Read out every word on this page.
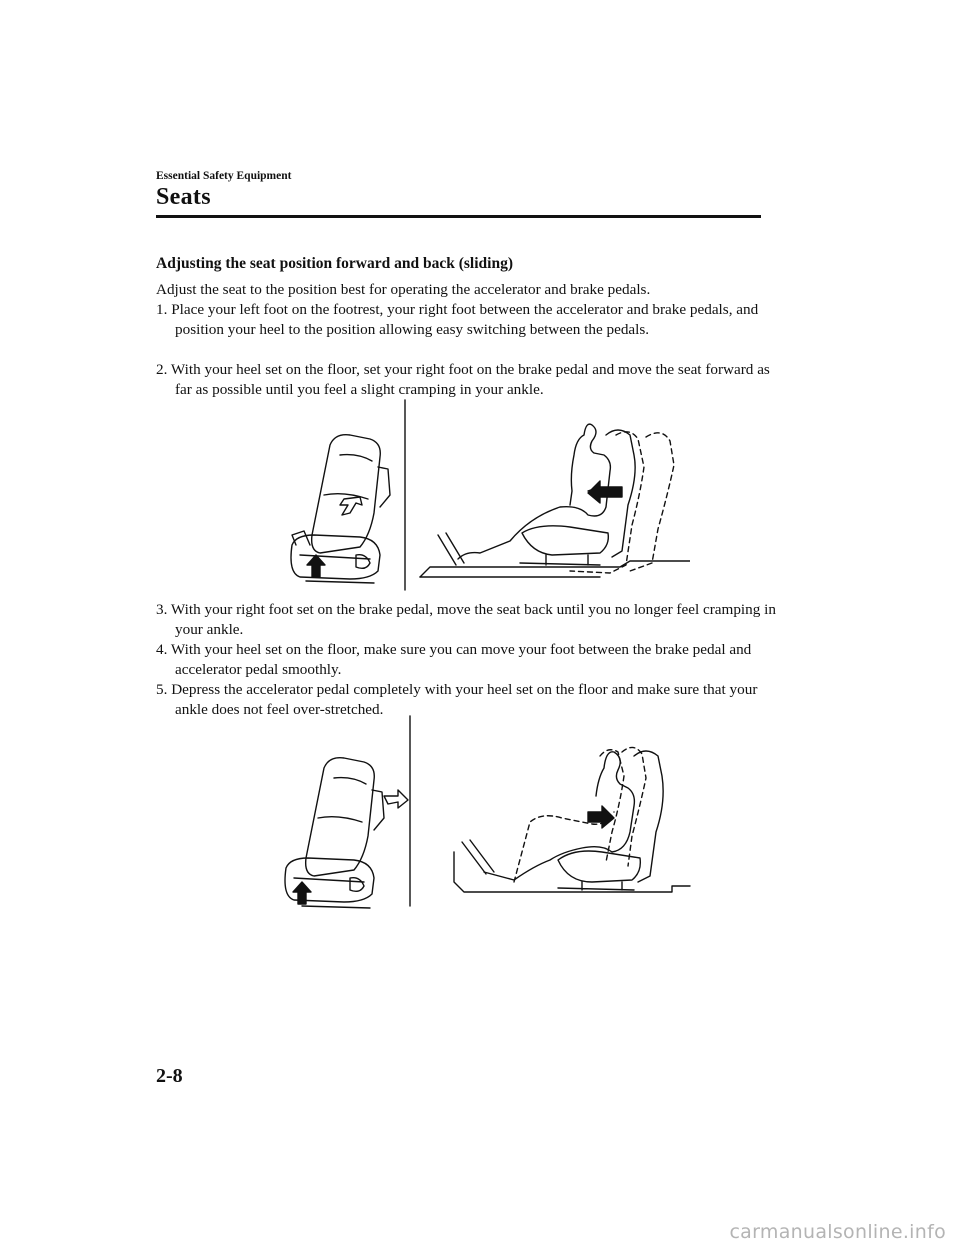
Essential Safety Equipment
Seats
Adjusting the seat position forward and back (sliding)
Adjust the seat to the position best for operating the accelerator and brake pedals.
1. Place your left foot on the footrest, your right foot between the accelerator and brake pedals, and position your heel to the position allowing easy switching between the pedals.
2. With your heel set on the floor, set your right foot on the brake pedal and move the seat forward as far as possible until you feel a slight cramping in your ankle.
3. With your right foot set on the brake pedal, move the seat back until you no longer feel cramping in your ankle.
4. With your heel set on the floor, make sure you can move your foot between the brake pedal and accelerator pedal smoothly.
5. Depress the accelerator pedal completely with your heel set on the floor and make sure that your ankle does not feel over-stretched.
2-8
carmanualsonline.info
